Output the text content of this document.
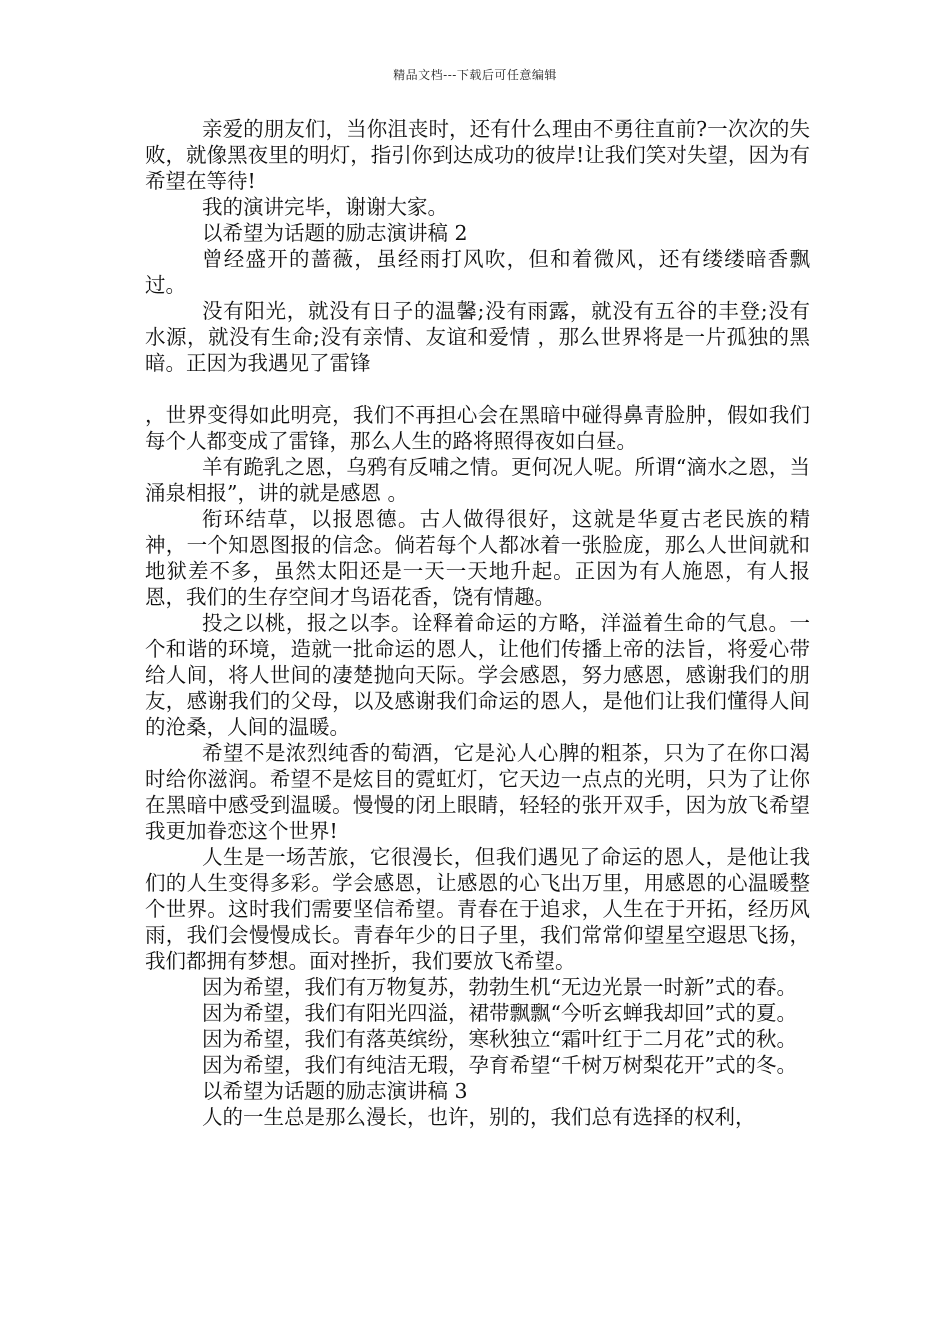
精品文档---下载后可任意编辑

亲爱的朋友们，当你沮丧时，还有什么理由不勇往直前?一次次的失败，就像黑夜里的明灯，指引你到达成功的彼岸!让我们笑对失望，因为有希望在等待!

我的演讲完毕，谢谢大家。

以希望为话题的励志演讲稿 2

曾经盛开的蔷薇，虽经雨打风吹，但和着微风，还有缕缕暗香飘过。

没有阳光，就没有日子的温馨;没有雨露，就没有五谷的丰登;没有水源，就没有生命;没有亲情、友谊和爱情 ，那么世界将是一片孤独的黑暗。正因为我遇见了雷锋

，世界变得如此明亮，我们不再担心会在黑暗中碰得鼻青脸肿，假如我们每个人都变成了雷锋，那么人生的路将照得夜如白昼。

羊有跪乳之恩，乌鸦有反哺之情。更何况人呢。所谓“滴水之恩，当涌泉相报”，讲的就是感恩 。

衔环结草，以报恩德。古人做得很好，这就是华夏古老民族的精神，一个知恩图报的信念。倘若每个人都冰着一张脸庞，那么人世间就和地狱差不多，虽然太阳还是一天一天地升起。正因为有人施恩，有人报恩，我们的生存空间才鸟语花香，饶有情趣。

投之以桃，报之以李。诠释着命运的方略，洋溢着生命的气息。一个和谐的环境，造就一批命运的恩人，让他们传播上帝的法旨，将爱心带给人间，将人世间的凄楚抛向天际。学会感恩，努力感恩，感谢我们的朋友，感谢我们的父母，以及感谢我们命运的恩人，是他们让我们懂得人间的沧桑，人间的温暖。

希望不是浓烈纯香的萄酒，它是沁人心脾的粗茶，只为了在你口渴时给你滋润。希望不是炫目的霓虹灯，它天边一点点的光明，只为了让你在黑暗中感受到温暖。慢慢的闭上眼睛，轻轻的张开双手，因为放飞希望我更加眷恋这个世界!

人生是一场苦旅，它很漫长，但我们遇见了命运的恩人，是他让我们的人生变得多彩。学会感恩，让感恩的心飞出万里，用感恩的心温暖整个世界。这时我们需要坚信希望。青春在于追求，人生在于开拓，经历风雨，我们会慢慢成长。青春年少的日子里，我们常常仰望星空遐思飞扬，我们都拥有梦想。面对挫折，我们要放飞希望。

因为希望，我们有万物复苏，勃勃生机“无边光景一时新”式的春。

因为希望，我们有阳光四溢，裙带飘飘“今听玄蝉我却回”式的夏。

因为希望，我们有落英缤纷，寒秋独立“霜叶红于二月花”式的秋。

因为希望，我们有纯洁无瑕，孕育希望“千树万树梨花开”式的冬。

以希望为话题的励志演讲稿 3

人的一生总是那么漫长，也许，别的，我们总有选择的权利，
